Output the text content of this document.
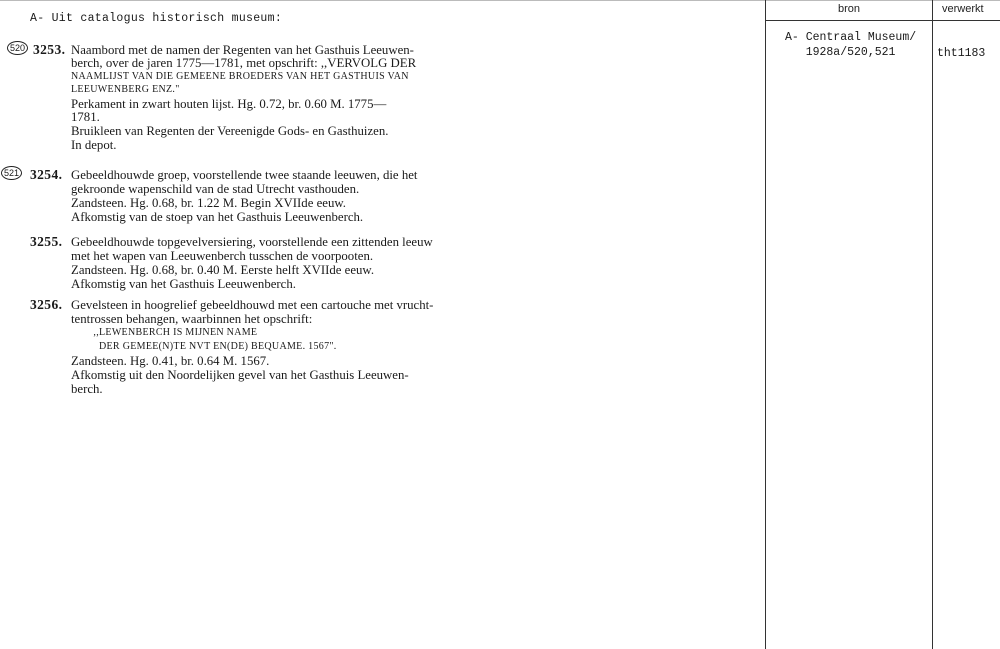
bron	verwerkt
A- Uit catalogus historisch museum:
A- Centraal Museum/
1928a/520,521	tht1183
520 3253. Naambord met de namen der Regenten van het Gasthuis Leeuwen-
berch, over de jaren 1775—1781, met opschrift: ,,VERVOLG DER
NAAMLIJST VAN DIE GEMEENE BROEDERS VAN HET GASTHUIS VAN
LEEUWENBERG ENZ."
Perkament in zwart houten lijst. Hg. 0.72, br. 0.60 M. 1775—
1781.
Bruikleen van Regenten der Vereenigde Gods- en Gasthuizen.
In depot.
521 3254. Gebeeldhouwde groep, voorstellende twee staande leeuwen, die het
gekroonde wapenschild van de stad Utrecht vasthouden.
Zandsteen. Hg. 0.68, br. 1.22 M. Begin XVIIde eeuw.
Afkomstig van de stoep van het Gasthuis Leeuwenberch.
3255. Gebeeldhouwde topgevelversiering, voorstellende een zittenden leeuw
met het wapen van Leeuwenberch tusschen de voorpooten.
Zandsteen. Hg. 0.68, br. 0.40 M. Eerste helft XVIIde eeuw.
Afkomstig van het Gasthuis Leeuwenberch.
3256. Gevelsteen in hoogrelief gebeeldhouwd met een cartouche met vrucht-
tentrossen behangen, waarbinnen het opschrift:
,,LEWENBERCH IS MIJNEN NAME
DER GEMEE(N)TE NVT EN(DE) BEQUAME. 1567".
Zandsteen. Hg. 0.41, br. 0.64 M. 1567.
Afkomstig uit den Noordelijken gevel van het Gasthuis Leeuwen-
berch.
